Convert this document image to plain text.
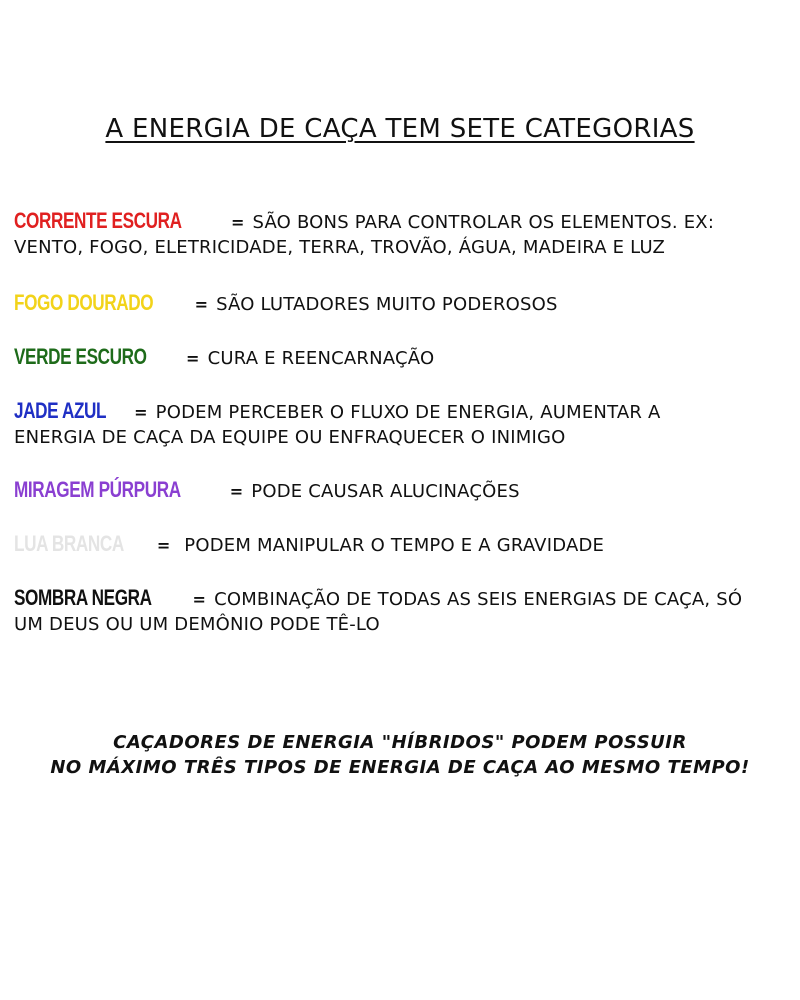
A ENERGIA DE CAÇA TEM SETE CATEGORIAS
CORRENTE ESCURA	= SÃO BONS PARA CONTROLAR OS ELEMENTOS. EX: VENTO, FOGO, ELETRICIDADE, TERRA, TROVÃO, ÁGUA, MADEIRA E LUZ
FOGO DOURADO	= SÃO LUTADORES MUITO PODEROSOS
VERDE ESCURO = CURA E REENCARNAÇÃO
JADE AZUL = PODEM PERCEBER O FLUXO DE ENERGIA, AUMENTAR A ENERGIA DE CAÇA DA EQUIPE OU ENFRAQUECER O INIMIGO
MIRAGEM PÚRPURA	= PODE CAUSAR ALUCINAÇÕES
LUA BRANCA = PODEM MANIPULAR O TEMPO E A GRAVIDADE
SOMBRA NEGRA	= COMBINAÇÃO DE TODAS AS SEIS ENERGIAS DE CAÇA, SÓ UM DEUS OU UM DEMÔNIO PODE TÊ-LO
CAÇADORES DE ENERGIA "HÍBRIDOS" PODEM POSSUIR
NO MÁXIMO TRÊS TIPOS DE ENERGIA DE CAÇA AO MESMO TEMPO!
